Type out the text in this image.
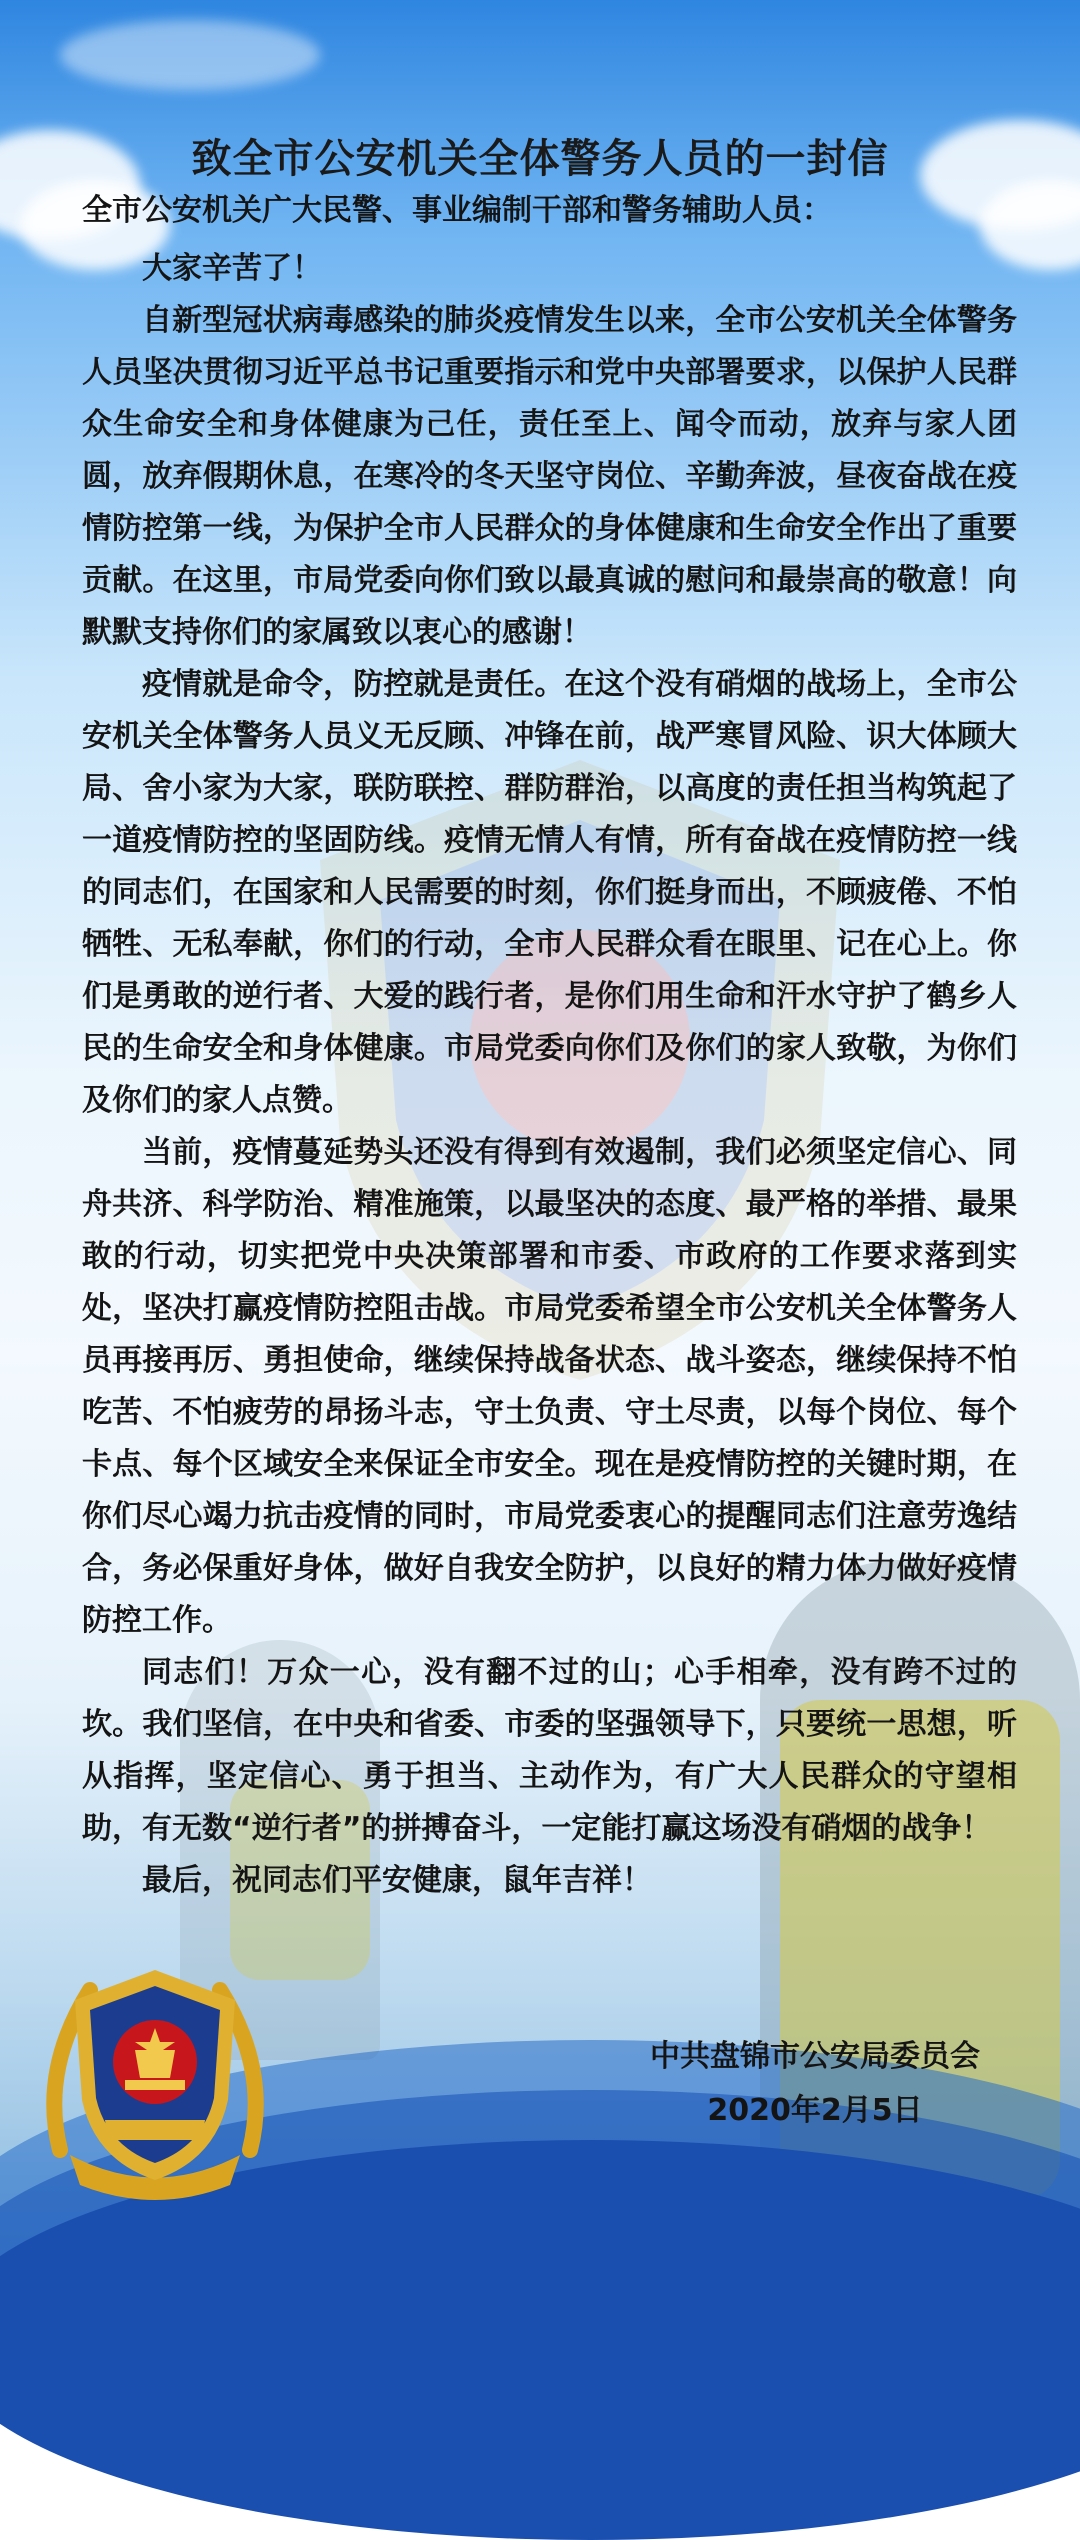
致全市公安机关全体警务人员的一封信

全市公安机关广大民警、事业编制干部和警务辅助人员：

大家辛苦了！

自新型冠状病毒感染的肺炎疫情发生以来，全市公安机关全体警务人员坚决贯彻习近平总书记重要指示和党中央部署要求，以保护人民群众生命安全和身体健康为己任，责任至上、闻令而动，放弃与家人团圆，放弃假期休息，在寒冷的冬天坚守岗位、辛勤奔波，昼夜奋战在疫情防控第一线，为保护全市人民群众的身体健康和生命安全作出了重要贡献。在这里，市局党委向你们致以最真诚的慰问和最崇高的敬意！向默默支持你们的家属致以衷心的感谢！

疫情就是命令，防控就是责任。在这个没有硝烟的战场上，全市公安机关全体警务人员义无反顾、冲锋在前，战严寒冒风险、识大体顾大局、舍小家为大家，联防联控、群防群治，以高度的责任担当构筑起了一道疫情防控的坚固防线。疫情无情人有情，所有奋战在疫情防控一线的同志们，在国家和人民需要的时刻，你们挺身而出，不顾疲倦、不怕牺牲、无私奉献，你们的行动，全市人民群众看在眼里、记在心上。你们是勇敢的逆行者、大爱的践行者，是你们用生命和汗水守护了鹤乡人民的生命安全和身体健康。市局党委向你们及你们的家人致敬，为你们及你们的家人点赞。

当前，疫情蔓延势头还没有得到有效遏制，我们必须坚定信心、同舟共济、科学防治、精准施策，以最坚决的态度、最严格的举措、最果敢的行动，切实把党中央决策部署和市委、市政府的工作要求落到实处，坚决打赢疫情防控阻击战。市局党委希望全市公安机关全体警务人员再接再厉、勇担使命，继续保持战备状态、战斗姿态，继续保持不怕吃苦、不怕疲劳的昂扬斗志，守土负责、守土尽责，以每个岗位、每个卡点、每个区域安全来保证全市安全。现在是疫情防控的关键时期，在你们尽心竭力抗击疫情的同时，市局党委衷心的提醒同志们注意劳逸结合，务必保重好身体，做好自我安全防护，以良好的精力体力做好疫情防控工作。

同志们！万众一心，没有翻不过的山；心手相牵，没有跨不过的坎。我们坚信，在中央和省委、市委的坚强领导下，只要统一思想，听从指挥，坚定信心、勇于担当、主动作为，有广大人民群众的守望相助，有无数“逆行者”的拼搏奋斗，一定能打赢这场没有硝烟的战争！

最后，祝同志们平安健康，鼠年吉祥！

中共盘锦市公安局委员会
2020年2月5日
